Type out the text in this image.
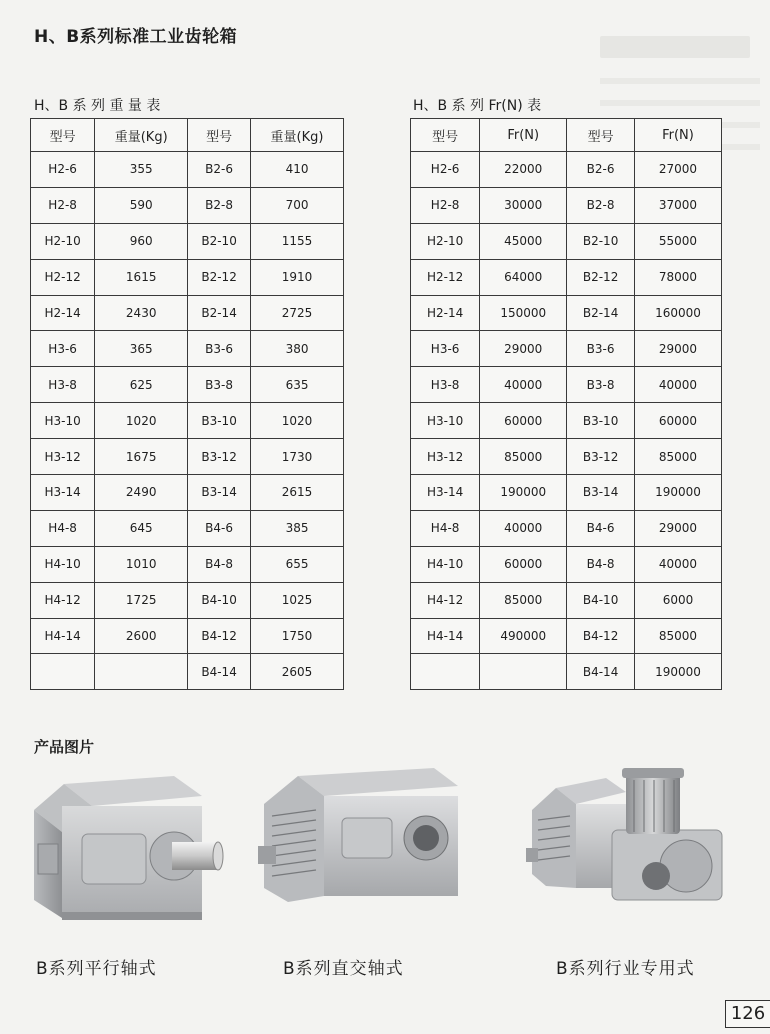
H、B系列标准工业齿轮箱
H、B 系 列 重 量 表
型号	重量(Kg)	型号	重量(Kg)
H2-6	355	B2-6	410
H2-8	590	B2-8	700
H2-10	960	B2-10	1155
H2-12	1615	B2-12	1910
H2-14	2430	B2-14	2725
H3-6	365	B3-6	380
H3-8	625	B3-8	635
H3-10	1020	B3-10	1020
H3-12	1675	B3-12	1730
H3-14	2490	B3-14	2615
H4-8	645	B4-6	385
H4-10	1010	B4-8	655
H4-12	1725	B4-10	1025
H4-14	2600	B4-12	1750
		B4-14	2605
H、B 系 列 Fr(N) 表
型号	Fr(N)	型号	Fr(N)
H2-6	22000	B2-6	27000
H2-8	30000	B2-8	37000
H2-10	45000	B2-10	55000
H2-12	64000	B2-12	78000
H2-14	150000	B2-14	160000
H3-6	29000	B3-6	29000
H3-8	40000	B3-8	40000
H3-10	60000	B3-10	60000
H3-12	85000	B3-12	85000
H3-14	190000	B3-14	190000
H4-8	40000	B4-6	29000
H4-10	60000	B4-8	40000
H4-12	85000	B4-10	6000
H4-14	490000	B4-12	85000
		B4-14	190000
产品图片
B系列平行轴式	B系列直交轴式	B系列行业专用式
126
